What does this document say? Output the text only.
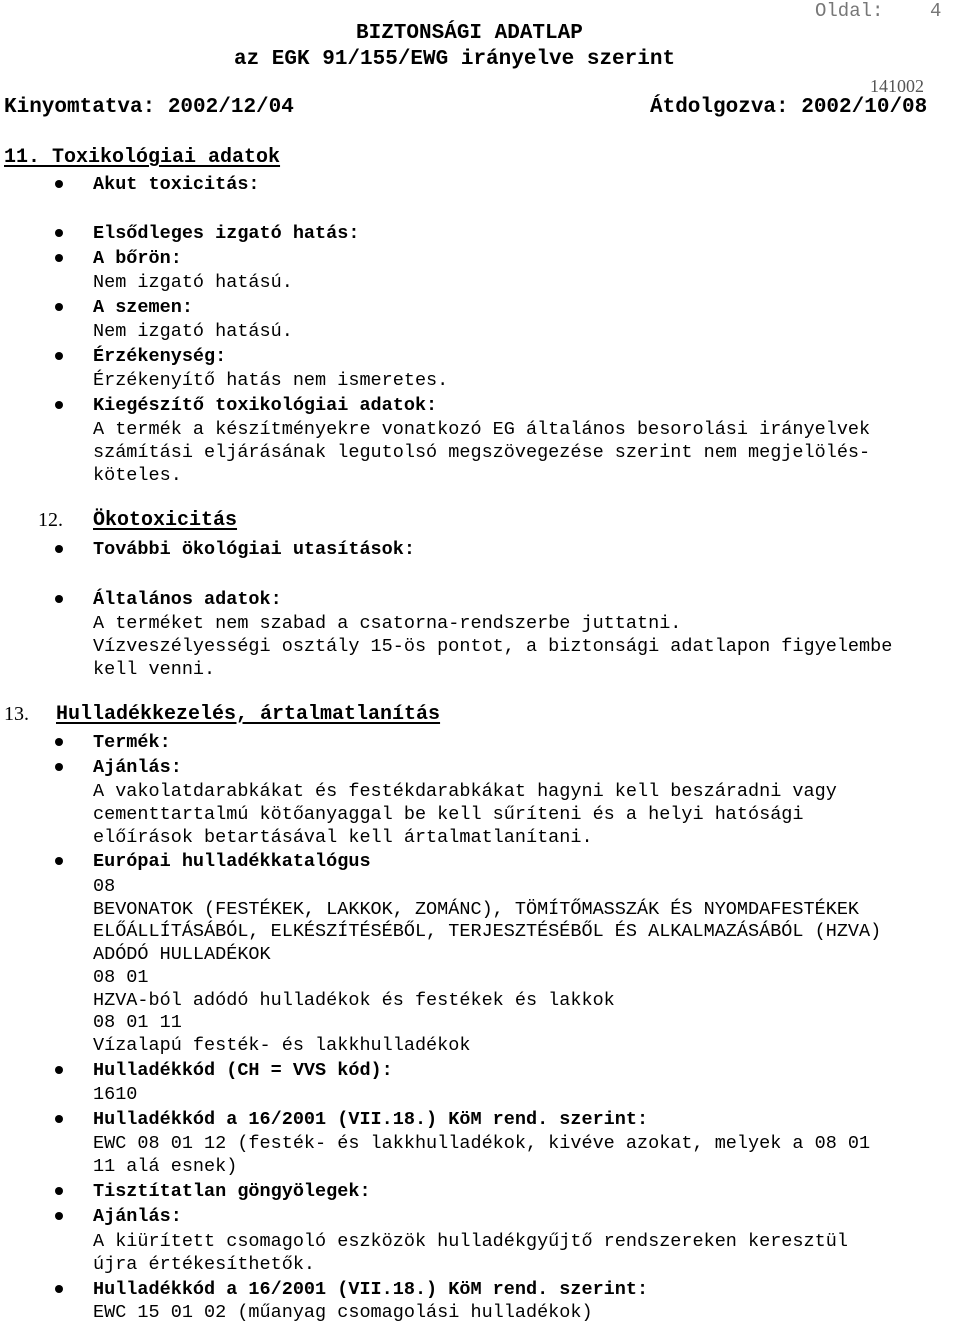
Oldal: 4
BIZTONSÁGI ADATLAP
az EGK 91/155/EWG irányelve szerint
141002
Kinyomtatva: 2002/12/04	Átdolgozva: 2002/10/08
11. Toxikológiai adatok
Akut toxicitás:
Elsődleges izgató hatás:
A bőrön:
Nem izgató hatású.
A szemen:
Nem izgató hatású.
Érzékenység:
Érzékenyítő hatás nem ismeretes.
Kiegészítő toxikológiai adatok:
A termék a készítményekre vonatkozó EG általános besorolási irányelvek
számítási eljárásának legutolsó megszövegezése szerint nem megjelölés-
köteles.
12. Ökotoxicitás
További ökológiai utasítások:
Általános adatok:
A terméket nem szabad a csatorna-rendszerbe juttatni.
Vízveszélyességi osztály 15-ös pontot, a biztonsági adatlapon figyelembe
kell venni.
13. Hulladékkezelés, ártalmatlanítás
Termék:
Ajánlás:
A vakolatdarabkákat és festékdarabkákat hagyni kell beszáradni vagy
cementtartalmú kötőanyaggal be kell sűríteni és a helyi hatósági
előírások betartásával kell ártalmatlanítani.
Európai hulladékkatalógus
08
BEVONATOK (FESTÉKEK, LAKKOK, ZOMÁNC), TÖMÍTŐMASSZÁK ÉS NYOMDAFESTÉKEK
ELŐÁLLÍTÁSÁBÓL, ELKÉSZÍTÉSÉBŐL, TERJESZTÉSÉBŐL ÉS ALKALMAZÁSÁBÓL (HZVA)
ADÓDÓ HULLADÉKOK
08 01
HZVA-ból adódó hulladékok és festékek és lakkok
08 01 11
Vízalapú festék- és lakkhulladékok
Hulladékkód (CH = VVS kód):
1610
Hulladékkód a 16/2001 (VII.18.) KöM rend. szerint:
EWC 08 01 12 (festék- és lakkhulladékok, kivéve azokat, melyek a 08 01
11 alá esnek)
Tisztítatlan göngyölegek:
Ajánlás:
A kiürített csomagoló eszközök hulladékgyűjtő rendszereken keresztül
újra értékesíthetők.
Hulladékkód a 16/2001 (VII.18.) KöM rend. szerint:
EWC 15 01 02 (műanyag csomagolási hulladékok)
